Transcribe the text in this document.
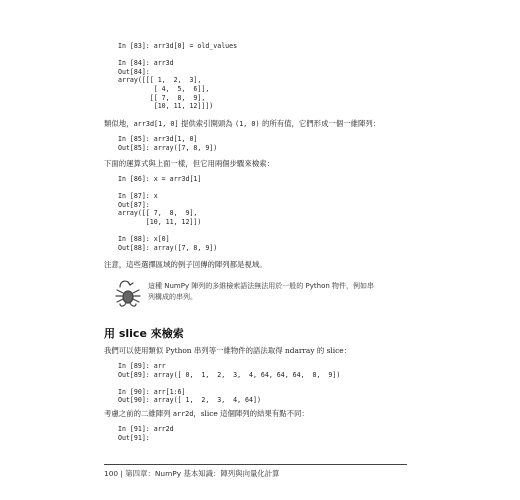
In [83]: arr3d[0] = old_values

In [84]: arr3d
Out[84]:
array([[[ 1,  2,  3],
[ 4,  5,  6]],
[[ 7,  8,  9],
[10, 11, 12]]])
類似地，arr3d[1, 0] 提供索引開頭為 (1, 0) 的所有值，它們形成一個一維陣列：
In [85]: arr3d[1, 0]
Out[85]: array([7, 8, 9])
下面的運算式與上面一樣，但它用兩個步驟來檢索：
In [86]: x = arr3d[1]

In [87]: x
Out[87]:
array([[ 7,  8,  9],
[10, 11, 12]])

In [88]: x[0]
Out[88]: array([7, 8, 9])
注意，這些選擇區域的例子回傳的陣列都是視域。
這種 NumPy 陣列的多維檢索語法無法用於一般的 Python 物件，例如串
列構成的串列。
用 slice 來檢索
我們可以使用類似 Python 串列等一維物件的語法取得 ndarray 的 slice：
In [89]: arr
Out[89]: array([ 0,  1,  2,  3,  4, 64, 64, 64,  8,  9])

In [90]: arr[1:6]
Out[90]: array([ 1,  2,  3,  4, 64])
考慮之前的二維陣列 arr2d，slice 這個陣列的結果有點不同：
In [91]: arr2d
Out[91]:
100 | 第四章：NumPy 基本知識：陣列與向量化計算
